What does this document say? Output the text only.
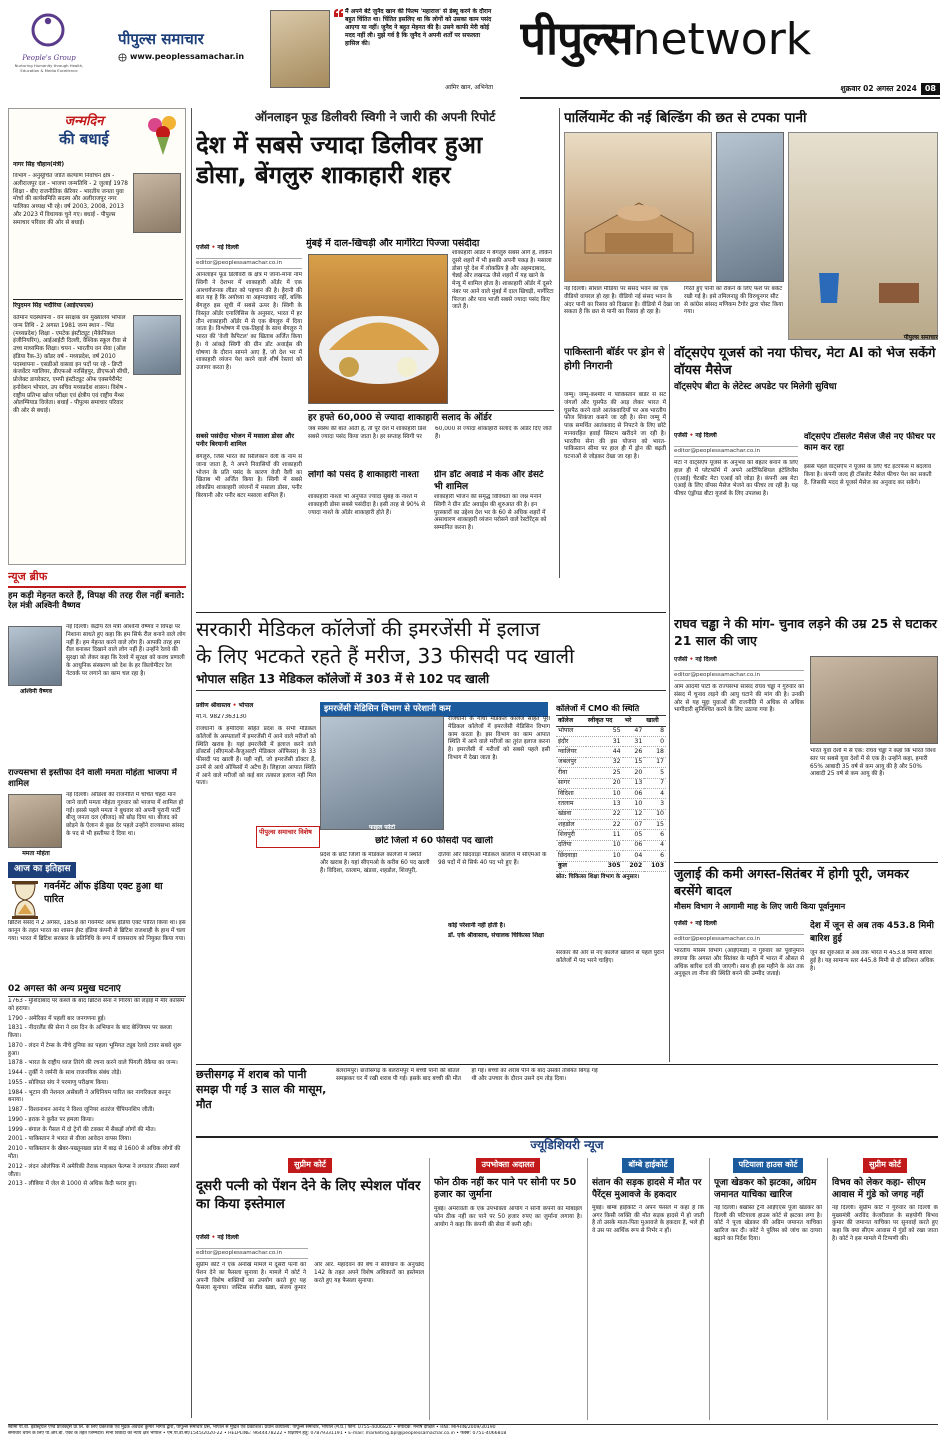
People's Group
Nurturing Humanity through Health, Education & Media Excellence
पीपुल्स समाचार
www.peoplessamachar.in
मैं अपने बेटे जुनैद खान की फिल्म 'महाराज' से डेब्यू करने के दौरान बहुत चिंतित था। चिंतित इसलिए था कि लोगों को उसका काम पसंद आएगा या नहीं। जुनैद ने बहुत मेहनत की है। उसने काफी मेरी कोई मदद नहीं ली। मुझे गर्व है कि जुनैद ने अपनी शर्तों पर सफलता हासिल की।
आमिर खान, अभिनेता
पीपुल्सnetwork
शुक्रवार 02 अगस्त 2024	08
जन्मदिन
की बधाई
नागर सिंह चौहान(मंत्री)
विभाग - अनुसूचित जाति कल्याण निर्वाचन क्षेत्र - अलीराजपुर दल - भाजपा जन्मतिथि - 2 जुलाई 1978 शिक्षा - बीए राजनीतिक कॅरियर - भारतीय जनता युवा मोर्चा की कार्यसमिति सदस्य और अलीराजपुर नगर पालिका अध्यक्ष भी रहे। वर्ष 2003, 2008, 2013 और 2023 में विधायक चुने गए। बधाई - पीपुल्स समाचार परिवार की ओर से बधाई।
रिपुदमन सिंह भदौरिया (आईएफएस)
वर्तमान पदस्थापना - वन संरक्षक वन मुख्यालय भोपाल जन्म तिथि - 2 अगस्त 1981 जन्म स्थान - भिंड (मध्यप्रदेश) शिक्षा - एमटेक इंस्टीट्यूट (मैकेनिकल इंजीनियरिंग), आईआईटी दिल्ली, वैश्विक स्कूल रीवा से उच्च माध्यमिक शिक्षा। चयन - भारतीय वन सेवा (ऑल इंडिया रैंक-3) कॉडर वर्ष - मध्यप्रदेश, वर्ष 2010 पदस्थापना - एसडीओ वासवा इन पदों पर रहे - डिप्टी कंजर्वेटर ग्वालियर, डीएफओ नरसिंहपुर, डीएफओ सीधी, प्रोजेक्ट डायरेक्टर, एमपी इंस्टीट्यूट ऑफ एक्सपेरीमेंट इनोवेशन भोपाल, उप सचिव मध्यप्रदेश शासन। विशेष - राष्ट्रीय प्रतिभा खोज परीक्षा एवं क्षेत्रीय एवं राष्ट्रीय मैथ्स ओलम्पियाड विजेता। बधाई - पीपुल्स समाचार परिवार की ओर से बधाई।
न्यूज ब्रीफ
हम कड़ी मेहनत करते हैं, विपक्ष की तरह रील नहीं बनाते: रेल मंत्री अश्विनी वैष्णव
अश्विनी वैष्णव
नई दिल्ली। केंद्रीय रेल मंत्री अश्विनी वैष्णव ने विपक्ष पर निशाना साधते हुए कहा कि हम सिर्फ रील बनाने वाले लोग नहीं हैं। हम मेहनत करने वाले लोग हैं। आपकी तरह हम रील बनाकर दिखाने वाले लोग नहीं हैं। उन्होंने रेलवे की सुरक्षा को लेकर कहा कि रेलवे में सुरक्षा को कवच प्रणाली के आधुनिक संस्करण को देश के हर किलोमीटर रेल नेटवर्क पर लगाने का काम चल रहा है।
राज्यसभा से इस्तीफा देने वाली ममता मोहंता भाजपा में शामिल
ममता मोहंता
नई दिल्ली। ओडिशा की राजनीति में चर्चित चेहरा माने जाने वाली ममता मोहंता गुरुवार को भाजपा में शामिल हो गईं। इससे पहले ममता ने बुधवार को अपनी पुरानी पार्टी बीजू जनता दल (बीजद) को छोड़ दिया था। बीजद को छोड़ने के ऐलान से कुछ देर पहले उन्होंने राज्यसभा सांसद के पद से भी इस्तीफा दे दिया था।
आज का इतिहास
गवर्नमेंट ऑफ इंडिया एक्ट हुआ था पारित
ब्रिटिश संसद ने 2 अगस्त, 1858 को गवर्नमेंट ऑफ इंडिया एक्ट पारित किया था। इस कानून के तहत भारत का शासन ईस्ट इंडिया कंपनी से ब्रिटिश राजशाही के हाथ में चला गया। भारत में ब्रिटिश सरकार के प्रतिनिधि के रूप में वायसराय को नियुक्त किया गया।
02 अगस्त की अन्य प्रमुख घटनाएं
1763 - मुर्शिदाबाद पर कब्जे के बाद ब्रिटिश सेना ने गिरिया की लड़ाई में मीर कासिम को हराया।
1790 - अमेरिका में पहली बार जनगणना हुई।
1831 - नीदरलैंड की सेना ने दस दिन के अभियान के बाद बेल्जियम पर कब्जा किया।
1870 - लंदन में टेम्स के नीचे दुनिया का पहला भूमिगत ट्यूब रेलवे टावर सबवे शुरू हुआ।
1878 - भारत के राष्ट्रीय ध्वज तिरंगे की रचना करने वाले पिंगली वेंकैया का जन्म।
1944 - तुर्की ने जर्मनी के साथ राजनयिक संबंध तोड़े।
1955 - सोवियत संघ ने परमाणु परीक्षण किया।
1984 - भूटान की नेशनल असेंबली ने अधिनियम पारित कर नागरिकता कानून बनाया।
1987 - विश्वनाथन आनंद ने विश्व जूनियर शतरंज चैंपियनशिप जीती।
1990 - इराक ने कुवैत पर हमला किया।
1999 - बंगाल के गैसल में दो ट्रेनों की टक्कर में सैकड़ों लोगों की मौत।
2001 - पाकिस्तान ने भारत से वीजा आवेदन वापस लिया।
2010 - पाकिस्तान के खैबर-पख्तूनख्वा प्रांत में बाढ़ से 1600 से अधिक लोगों की मौत।
2012 - लंदन ओलंपिक में अमेरिकी तैराक माइकल फेल्प्स ने लगातार तीसरा स्वर्ण जीता।
2013 - लीबिया में जेल से 1000 से अधिक कैदी फरार हुए।
ऑनलाइन फूड डिलीवरी स्विगी ने जारी की अपनी रिपोर्ट
देश में सबसे ज्यादा डिलीवर हुआ
डोसा, बेंगलुरु शाकाहारी शहर
मुंबई में दाल-खिचड़ी और मार्गेरिटा पिज्जा पसंदीदा
एजेंसी • नई दिल्ली
editor@peoplessamachar.co.in
ऑनलाइन फूड डिलीवरी के क्षेत्र में जाना-माना नाम स्विगी ने देशभर में शाकाहारी ऑर्डर में एक आश्चर्यजनक लीडर को पहचान की है। हैरानी की बात यह है कि अयोध्या या अहमदाबाद नहीं, बल्कि बेंगलुरु इस सूची में सबसे ऊपर है। स्विगी के विस्तृत ऑर्डर एनालिसिस के अनुसार, भारत में हर तीन शाकाहारी ऑर्डर में से एक बेंगलुरु में दिया जाता है। विश्लेषण में एक-तिहाई के साथ बेंगलुरु ने भारत की 'वेजी कैपिटल' का खिताब अर्जित किया है। ये आंकड़े स्विगी की ग्रीन डॉट अवार्ड्स की घोषणा के दौरान सामने आए हैं, जो देश भर में शाकाहारी व्यंजन पेश करने वाले शीर्ष रेस्तरां को उजागर करता है।
सबसे पसंदीदा भोजन में मसाला डोसा और पनीर बिरयानी शामिल
बेंगलुरु, जिसे भारत की सिलिकॉन वैली के नाम से जाना जाता है, ने अपने निवासियों की शाकाहारी भोजन के प्रति पसंद के कारण वेजी वैली का खिताब भी अर्जित किया है। स्विगी में सबसे लोकप्रिय शाकाहारी व्यंजनों में मसाला डोसा, पनीर बिरयानी और पनीर बटर मसाला शामिल हैं।
शाकाहारी ऑर्डर में बेंगलुरु सबसे आगे है, लेकिन दूसरे शहरों में भी इसकी अपनी पकड़ है। मसाला डोसा पूरे देश में लोकप्रिय है और अहमदाबाद, चेन्नई और लखनऊ जैसे शहरों में यह खाने के मेन्यू में शामिल होता है। शाकाहारी ऑर्डर में दूसरे नंबर पर आने वाले मुंबई में दाल खिचड़ी, मार्गेरिटा पिज्जा और पाव भाजी सबसे ज्यादा पसंद किए जाते हैं।
हर हफ्ते 60,000 से ज्यादा शाकाहारी सलाद के ऑर्डर
जब स्वस्थ की बात आती है, तो पूरे देश में शाकाहारी डिश सबसे ज्यादा पसंद किया जाता है। हर सप्ताह स्विगी पर 60,000 से ज्यादा शाकाहारी सलाद के ऑर्डर दिए जाते हैं।
लोगों को पसंद है शाकाहारी नाश्ता
शाकाहारी नाश्ता भी अनुपात ज्यादा सुबह के नाश्ते में शाकाहारी डोसा सबसे पसंदीदा है। इसी तरह से 90% से ज्यादा नाश्ते के ऑर्डर शाकाहारी होते हैं।
ग्रीन डॉट अवार्ड में केक और डेसर्ट भी शामिल
शाकाहारी भोजन की समृद्ध विविधता का जश्न मनाने स्विगी ने ग्रीन डॉट अवार्ड्स की शुरुआत की है। इन पुरस्कारों का उद्देश्य देश भर के 60 से अधिक शहरों में असाधारण शाकाहारी व्यंजन परोसने वाले रेस्टोरेंट्स को सम्मानित करना है।
पार्लियामेंट की नई बिल्डिंग की छत से टपका पानी
नई दिल्ली। सोशल मीडिया पर संसद भवन का एक वीडियो वायरल हो रहा है। वीडियो नई संसद भवन के अंदर पानी का रिसाव को दिखाता है। वीडियो में देखा जा सकता है कि छत से पानी का रिसाव हो रहा है।
गिरते हुए पानी को रोकने के लिए फर्श पर बकेट रखी गई है। इसे तमिलनाडु की विरुधुनगर सीट से कांग्रेस सांसद मणिकम टैगोर द्वारा पोस्ट किया गया।
पीपुल्स समाचार
पाकिस्तानी बॉर्डर पर ड्रोन से होगी निगरानी
जम्मू। जम्मू-कश्मीर में पाकिस्तान बॉर्डर से सटे जंगलों और घुसपैठ की आड़ लेकर भारत में घुसपैठ करने वाले आतंकवादियों पर अब भारतीय फौज शिकंजा कसने जा रही है। सेना जम्मू में पाक समर्थित आतंकवाद से निपटने के लिए छोटे मानवरहित हवाई सिस्टम खरीदने जा रही है। भारतीय सेना की इस योजना को भारत-पाकिस्तान सीमा पर हाल ही में ड्रोन की बढ़ती घटनाओं से जोड़कर देखा जा रहा है।
वॉट्सऐप यूजर्स को नया फीचर, मेटा AI को भेज सकेंगे वॉयस मैसेज
वॉट्सऐप बीटा के लेटेस्ट अपडेट पर मिलेगी सुविधा
एजेंसी • नई दिल्ली
editor@peoplessamachar.co.in
मेटा ने वॉट्सऐप यूजर्स के अनुभव को बेहतर बनाने के लिए हाल ही में प्लेटफॉर्म में अपने आर्टिफिशियल इंटेलिजेंस (एआई) चैटबॉट मेटा एआई को जोड़ा है। कंपनी अब मेटा एआई के लिए वॉयस मैसेज भेजने का फीचर ला रही है। यह फीचर एंड्रॉयड बीटा यूजर्स के लिए उपलब्ध है।
वॉट्सऐप टॉसलेट मैसेज जैसे नए फीचर पर काम कर रहा
इससे पहले वॉट्सऐप ने यूजर्स के लिए चैट इंटरफेस में बदलाव किया है। कंपनी जल्द ही टॉसलेट मैसेज फीचर पेश कर सकती है, जिसकी मदद से यूजर्स मैसेज का अनुवाद कर सकेंगे।
सरकारी मेडिकल कॉलेजों की इमरजेंसी में इलाज
के लिए भटकते रहते हैं मरीज, 33 फीसदी पद खाली
भोपाल सहित 13 मेडिकल कॉलेजों में 303 में से 102 पद खाली
प्रवीण श्रीवास्तव • भोपाल
मो.नं. 9827363130
राजधानी के हमीदिया सहित प्रदेश के सभी मेडिकल कॉलेजों के अस्पतालों में इमरजेंसी में आने वाले मरीजों को स्थिति खराब है। यहां इमरजेंसी में इलाज करने वाले डॉक्टर्स (सीएमओ-कैजुअल्टी मेडिकल ऑफिसर) के 33 फीसदी पद खाली हैं। यही नहीं, जो इमरजेंसी डॉक्टर हैं, उनमें से आधे ऑफिसों में अटैच हैं। लिहाजा आपात स्थिति में आने वाले मरीजों को कई बार तत्काल इलाज नहीं मिल पाता।
पीपुल्स समाचार विशेष
इमरजेंसी मेडिसिन विभाग से परेशानी कम
फाइल फोटो
राजधानी के गांधी मेडिकल कॉलेज सहित पूरा मेडिकल कॉलेजों में इमरजेंसी मेडिसिन विभाग काम करता है। इस विभाग का काम आपात स्थिति में आने वाले मरीजों का तुरंत इलाज करना है। इमरजेंसी में मरीजों को सबसे पहले इसी विभाग में देखा जाता है।
कॉलेजों में CMO की स्थिति
कॉलेज	स्वीकृत पद	भरे	खाली
भोपाल	55	47	8
इंदौर	31	31	0
ग्वालियर	44	26	18
जबलपुर	32	15	17
रीवा	25	20	5
सागर	20	13	7
विदिशा	10	06	4
रतलाम	13	10	3
खंडवा	22	12	10
शहडोल	22	07	15
शिवपुरी	11	05	6
दतिया	10	06	4
छिंदवाड़ा	10	04	6
कुल	305	202	103
स्रोत: चिकित्सा शिक्षा विभाग के अनुसार।
छोटे जिलों में 60 फीसदी पद खाली
प्रदेश के छोटे जिलों के मेडिकल कॉलेजों में स्थिति और खराब है। यहां सीएमओ के करीब 60 पद खाली हैं। विदिशा, रतलाम, खंडवा, शहडोल, शिवपुरी, दतिया और छिंदवाड़ा मेडिकल कॉलेज में सीएमओ के 98 पदों में से सिर्फ 40 पद भरे हुए हैं।
सरकार की ओर से नए कॉलेज खोलने से पहले पुराने कॉलेजों में पद भरने चाहिए।
कोई परेशानी नहीं होती है।
डॉ. एके श्रीवास्तव, संचालक चिकित्सा शिक्षा
राघव चड्ढा ने की मांग- चुनाव लड़ने की उम्र 25 से घटाकर 21 साल की जाए
एजेंसी • नई दिल्ली
editor@peoplessamachar.co.in
आम आदमी पार्टी के राज्यसभा सांसद राघव चड्ढा ने गुरुवार को संसद में चुनाव लड़ने की आयु घटाने की मांग की है। उनकी ओर से यह मुद्दा युवाओं की राजनीति में अधिक से अधिक भागीदारी सुनिश्चित करने के लिए उठाया गया है।
भारत युवा देशों में से एक: राघव चड्ढा ने कहा कि भारत विश्व स्तर पर सबसे युवा देशों में से एक है। उन्होंने कहा, हमारी 65% आबादी 35 वर्ष से कम आयु की है और 50% आबादी 25 वर्ष से कम आयु की है।
जुलाई की कमी अगस्त-सितंबर में होगी पूरी, जमकर बरसेंगे बादल
मौसम विभाग ने आगामी माह के लिए जारी किया पूर्वानुमान
एजेंसी • नई दिल्ली
editor@peoplessamachar.co.in
भारतीय मौसम विभाग (आईएमडी) ने गुरुवार को पूर्वानुमान लगाया कि अगस्त और सितंबर के महीने में भारत में औसत से अधिक बारिश दर्ज की जाएगी। साथ ही इस महीने के अंत तक अनुकूल ला नीना की स्थिति बनने की उम्मीद जताई।
देश में जून से अब तक 453.8 मिमी बारिश हुई
जून की शुरुआत से अब तक भारत में 453.8 मिमी बारिश हुई है। यह सामान्य स्तर 445.8 मिमी से दो प्रतिशत अधिक है।
छत्तीसगढ़ में शराब को पानी समझ पी गई 3 साल की मासूम, मौत
बलरामपुर। छत्तीसगढ़ के बलरामपुर में बच्ची पानी की बोतल समझकर घर में रखी शराब पी गई। इसके बाद बच्ची की मौत हो गई। बच्चों को शराब पीने के बाद उसकी तबियत बिगड़ गई थी और उपचार के दौरान उसने दम तोड़ दिया।
ज्यूडिशियरी न्यूज
सुप्रीम कोर्ट
दूसरी पत्नी को पेंशन देने के लिए स्पेशल पॉवर का किया इस्तेमाल
एजेंसी • नई दिल्ली
editor@peoplessamachar.co.in
सुप्रीम कोर्ट ने एक अनोखे मामले में दूसरी पत्नी को पेंशन देने का फैसला सुनाया है। मामले में कोर्ट ने अपनी विशेष शक्तियों का उपयोग करते हुए यह फैसला सुनाया। जस्टिस संजीव खन्ना, संजय कुमार और आर. महादेवन की बेंच ने संविधान के अनुच्छेद 142 के तहत अपने विशेष अधिकारों का इस्तेमाल करते हुए यह फैसला सुनाया।
उपभोक्ता अदालत
फोन ठीक नहीं कर पाने पर सोनी पर 50 हजार का जुर्माना
मुंबई। अमरावती के एक उपभोक्ता आयोग ने सोनी कंपनी को मोबाइल फोन ठीक नहीं कर पाने पर 50 हजार रुपए का जुर्माना लगाया है। आयोग ने कहा कि कंपनी की सेवा में कमी रही।
बॉम्बे हाईकोर्ट
संतान की सड़क हादसे में मौत पर पैरेंट्स मुआवजे के हकदार
मुंबई। बॉम्बे हाईकोर्ट ने अपने फैसले में कहा है कि अगर किसी व्यक्ति की मौत सड़क हादसे में हो जाती है तो उसके माता-पिता मुआवजे के हकदार हैं, भले ही वे उस पर आर्थिक रूप से निर्भर न हों।
पटियाला हाउस कोर्ट
पूजा खेडकर को झटका, अग्रिम जमानत याचिका खारिज
नई दिल्ली। बर्खास्त ट्रेनी आईएएस पूजा खेडकर को दिल्ली की पटियाला हाउस कोर्ट से झटका लगा है। कोर्ट ने पूजा खेडकर की अग्रिम जमानत याचिका खारिज कर दी। कोर्ट ने पुलिस को जांच का दायरा बढ़ाने का निर्देश दिया।
सुप्रीम कोर्ट
विभव को लेकर कहा- सीएम आवास में गुंडे को जगह नहीं
नई दिल्ली। सुप्रीम कोर्ट ने गुरुवार को दिल्ली के मुख्यमंत्री अरविंद केजरीवाल के सहयोगी बिभव कुमार की जमानत याचिका पर सुनवाई करते हुए कहा कि क्या सीएम आवास में गुंडों को रखा जाता है। कोर्ट ने इस मामले में टिप्पणी की।
स्वामी पी.वी. इंडस्ट्रियल एण्ड प्रोजेक्ट्स प्रा.लि. के लिए प्रकाशक एवं मुद्रक अवधेश कुमार भार्गव द्वारा, पीपुल्स समाचार प्रेस, भोपाल से मुद्रित एवं प्रकाशित। प्रधान कार्यालय: पीपुल्स समाचार, भोपाल (म.प्र.) फोन: 0755-4006820 • संपादक: मनीष दीक्षित • RNI: MPHIN/2009/30190
समाचार चयन के लिए पी.आर.बी. एक्ट के तहत जिम्मेदार। सभी विवादों का न्याय क्षेत्र भोपाल • एम.पी.डी.सी/1545/2020-22 • HELPLINE: 9644478222 • विज्ञापन हेतु: 07879331191 • E-mail: marketing.bpl@peoplessamachar.co.in • फैक्स: 0751-4066818
